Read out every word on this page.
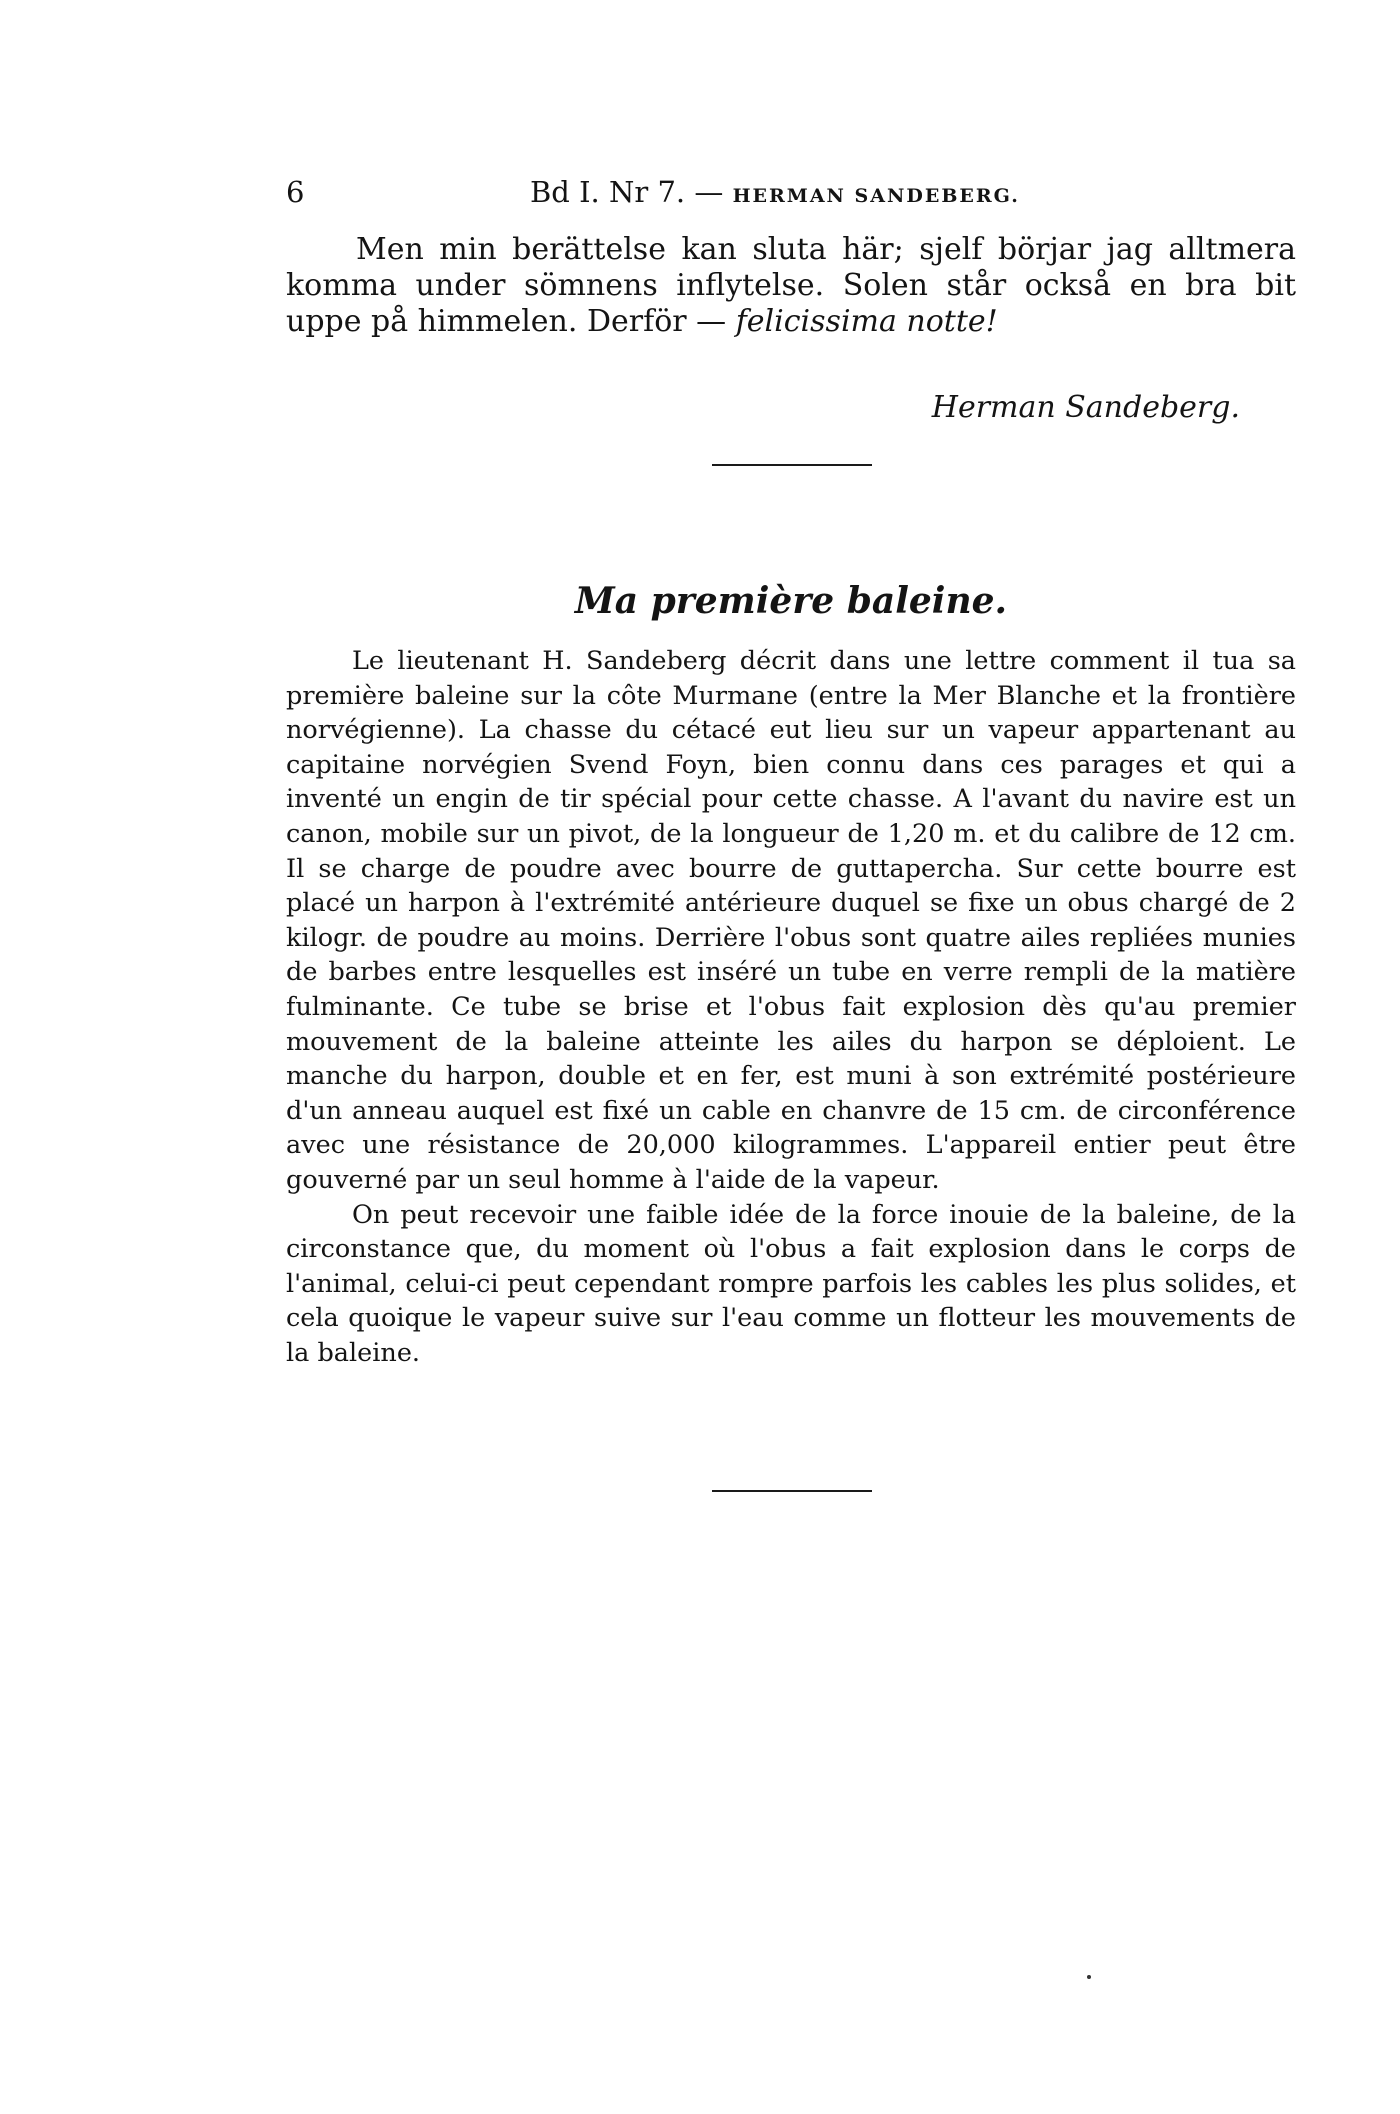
6	Bd I. Nr 7. — HERMAN SANDEBERG.

Men min berättelse kan sluta här; sjelf börjar jag alltmera komma under sömnens inflytelse. Solen står också en bra bit uppe på himmelen. Derför — felicissima notte!

Herman Sandeberg.

Ma première baleine.

Le lieutenant H. Sandeberg décrit dans une lettre comment il tua sa première baleine sur la côte Murmane (entre la Mer Blanche et la frontière norvégienne). La chasse du cétacé eut lieu sur un vapeur appartenant au capitaine norvégien Svend Foyn, bien connu dans ces parages et qui a inventé un engin de tir spécial pour cette chasse. A l'avant du navire est un canon, mobile sur un pivot, de la longueur de 1,20 m. et du calibre de 12 cm. Il se charge de poudre avec bourre de guttapercha. Sur cette bourre est placé un harpon à l'extrémité antérieure duquel se fixe un obus chargé de 2 kilogr. de poudre au moins. Derrière l'obus sont quatre ailes repliées munies de barbes entre lesquelles est inséré un tube en verre rempli de la matière fulminante. Ce tube se brise et l'obus fait explosion dès qu'au premier mouvement de la baleine atteinte les ailes du harpon se déploient. Le manche du harpon, double et en fer, est muni à son extrémité postérieure d'un anneau auquel est fixé un cable en chanvre de 15 cm. de circonférence avec une résistance de 20,000 kilogrammes. L'appareil entier peut être gouverné par un seul homme à l'aide de la vapeur.

On peut recevoir une faible idée de la force inouie de la baleine, de la circonstance que, du moment où l'obus a fait explosion dans le corps de l'animal, celui-ci peut cependant rompre parfois les cables les plus solides, et cela quoique le vapeur suive sur l'eau comme un flotteur les mouvements de la baleine.
